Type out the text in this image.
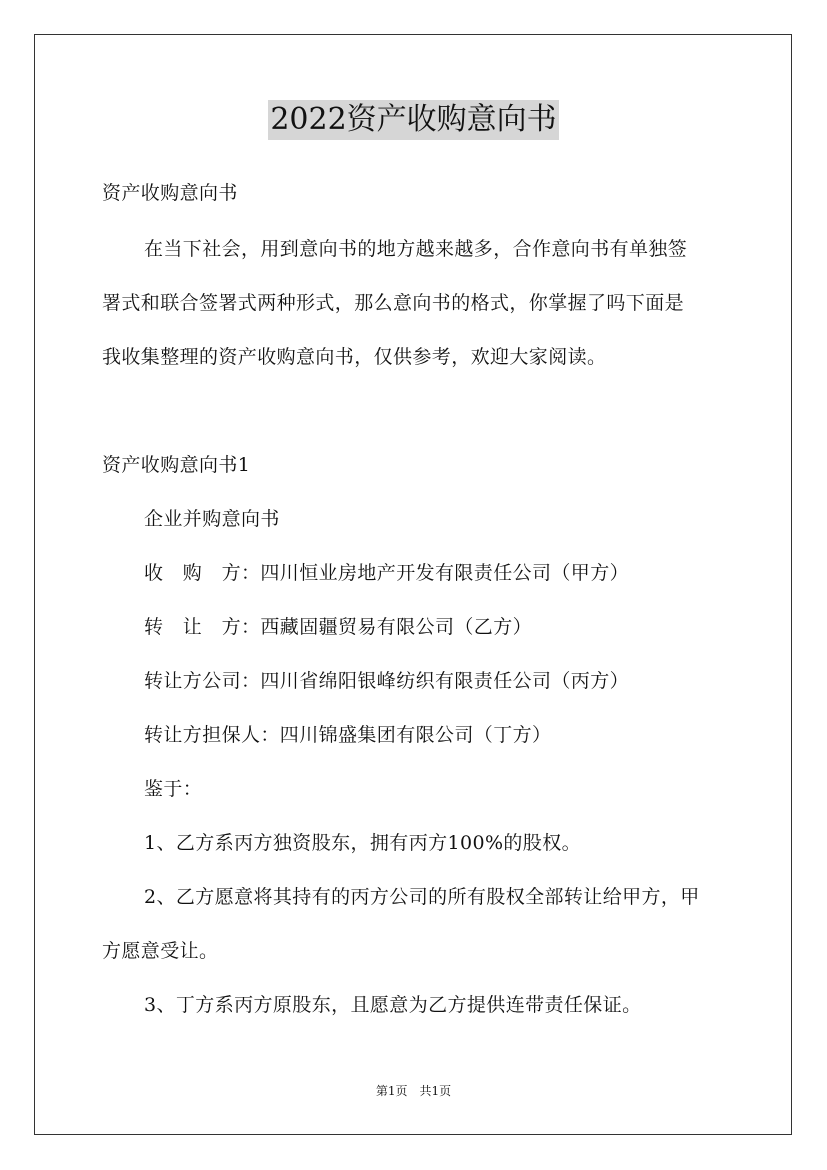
2022资产收购意向书
资产收购意向书
在当下社会，用到意向书的地方越来越多，合作意向书有单独签
署式和联合签署式两种形式，那么意向书的格式，你掌握了吗下面是
我收集整理的资产收购意向书，仅供参考，欢迎大家阅读。
资产收购意向书1
企业并购意向书
收　购　方：四川恒业房地产开发有限责任公司（甲方）
转　让　方：西藏固疆贸易有限公司（乙方）
转让方公司：四川省绵阳银峰纺织有限责任公司（丙方）
转让方担保人：四川锦盛集团有限公司（丁方）
鉴于：
1、乙方系丙方独资股东，拥有丙方100%的股权。
2、乙方愿意将其持有的丙方公司的所有股权全部转让给甲方，甲
方愿意受让。
3、丁方系丙方原股东，且愿意为乙方提供连带责任保证。
第1页　共1页
